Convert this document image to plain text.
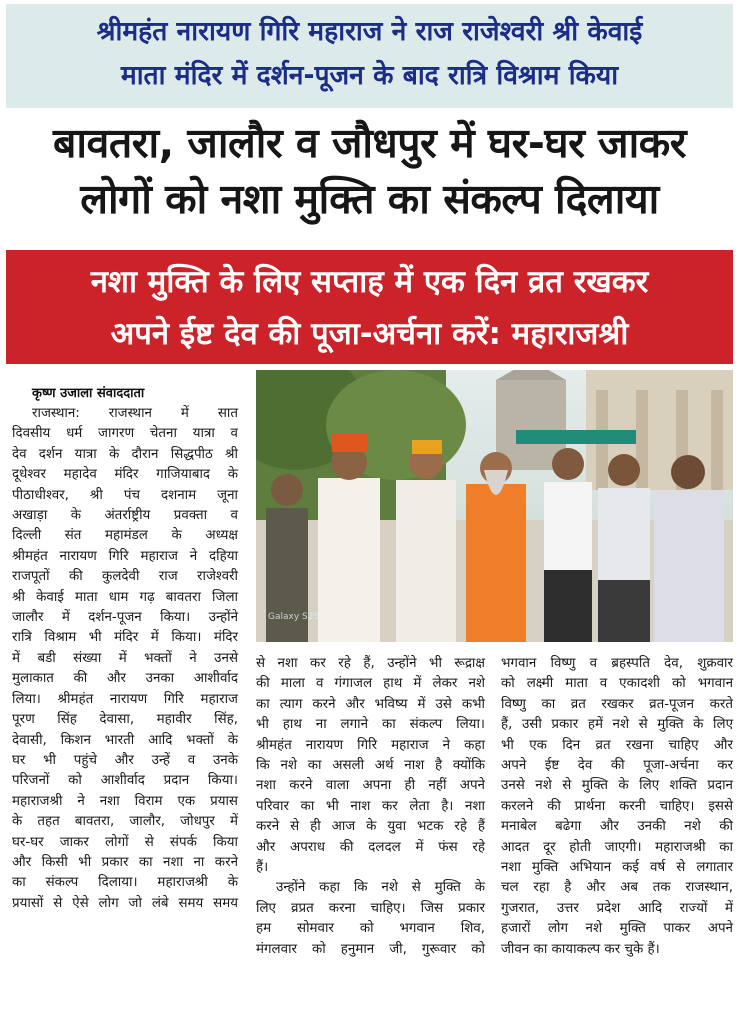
श्रीमहंत नारायण गिरि महाराज ने राज राजेश्वरी श्री केवाई
माता मंदिर में दर्शन-पूजन के बाद रात्रि विश्राम किया
बावतरा, जालौर व जौधपुर में घर-घर जाकर
लोगों को नशा मुक्ति का संकल्प दिलाया
नशा मुक्ति के लिए सप्ताह में एक दिन व्रत रखकर
अपने ईष्ट देव की पूजा-अर्चना करें: महाराजश्री
कृष्ण उजाला संवाददाता
Galaxy S25
राजस्थान: राजस्थान में सात
दिवसीय धर्म जागरण चेतना यात्रा व
देव दर्शन यात्रा के दौरान सिद्धपीठ श्री
दूधेश्वर महादेव मंदिर गाजियाबाद के
पीठाधीश्वर, श्री पंच दशनाम जूना
अखाड़ा के अंतर्राष्ट्रीय प्रवक्ता व
दिल्ली संत महामंडल के अध्यक्ष
श्रीमहंत नारायण गिरि महाराज ने दहिया
राजपूतों की कुलदेवी राज राजेश्वरी
श्री केवाई माता धाम गढ़ बावतरा जिला
जालौर में दर्शन-पूजन किया। उन्होंने
रात्रि विश्राम भी मंदिर में किया। मंदिर
में बडी संख्या में भक्तों ने उनसे
मुलाकात की और उनका आशीर्वाद
लिया। श्रीमहंत नारायण गिरि महाराज
पूरण सिंह देवासा, महावीर सिंह,
देवासी, किशन भारती आदि भक्तों के
घर भी पहुंचे और उन्हें व उनके
परिजनों को आशीर्वाद प्रदान किया।
महाराजश्री ने नशा विराम एक प्रयास
के तहत बावतरा, जालौर, जोधपुर में
घर-घर जाकर लोगों से संपर्क किया
और किसी भी प्रकार का नशा ना करने
का संकल्प दिलाया। महाराजश्री के
प्रयासों से ऐसे लोग जो लंबे समय समय
से नशा कर रहे हैं, उन्होंने भी रूद्राक्ष
की माला व गंगाजल हाथ में लेकर नशे
का त्याग करने और भविष्य में उसे कभी
भी हाथ ना लगाने का संकल्प लिया।
श्रीमहंत नारायण गिरि महाराज ने कहा
कि नशे का असली अर्थ नाश है क्योंकि
नशा करने वाला अपना ही नहीं अपने
परिवार का भी नाश कर लेता है। नशा
करने से ही आज के युवा भटक रहे हैं
और अपराध की दलदल में फंस रहे
हैं।
उन्होंने कहा कि नशे से मुक्ति के
लिए व्रप्रत करना चाहिए। जिस प्रकार
हम सोमवार को भगवान शिव,
मंगलवार को हनुमान जी, गुरूवार को
भगवान विष्णु व ब्रहस्पति देव, शुक्रवार
को लक्ष्मी माता व एकादशी को भगवान
विष्णु का व्रत रखकर व्रत-पूजन करते
हैं, उसी प्रकार हमें नशे से मुक्ति के लिए
भी एक दिन व्रत रखना चाहिए और
अपने ईष्ट देव की पूजा-अर्चना कर
उनसे नशे से मुक्ति के लिए शक्ति प्रदान
करलने की प्रार्थना करनी चाहिए। इससे
मनाबेल बढेगा और उनकी नशे की
आदत दूर होती जाएगी। महाराजश्री का
नशा मुक्ति अभियान कई वर्ष से लगातार
चल रहा है और अब तक राजस्थान,
गुजरात, उत्तर प्रदेश आदि राज्यों में
हजारों लोग नशे मुक्ति पाकर अपने
जीवन का कायाकल्प कर चुके हैं।
